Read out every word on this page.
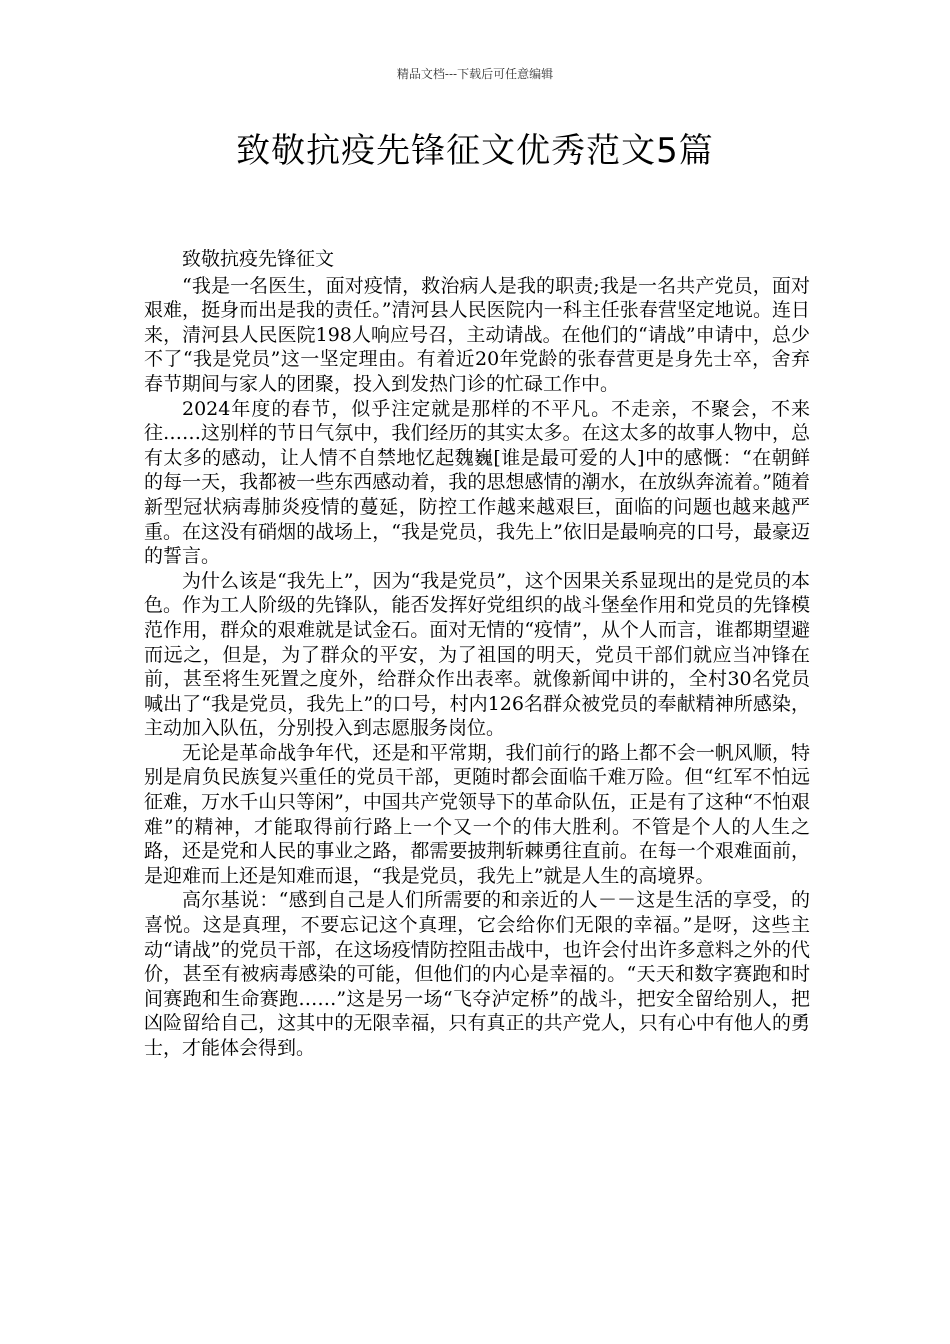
精品文档---下载后可任意编辑
致敬抗疫先锋征文优秀范文5篇
致敬抗疫先锋征文

“我是一名医生，面对疫情，救治病人是我的职责;我是一名共产党员，面对艰难，挺身而出是我的责任。”清河县人民医院内一科主任张春营坚定地说。连日来，清河县人民医院198人响应号召，主动请战。在他们的“请战”申请中，总少不了“我是党员”这一坚定理由。有着近20年党龄的张春营更是身先士卒，舍弃春节期间与家人的团聚，投入到发热门诊的忙碌工作中。

2024年度的春节，似乎注定就是那样的不平凡。不走亲，不聚会，不来往……这别样的节日气氛中，我们经历的其实太多。在这太多的故事人物中，总有太多的感动，让人情不自禁地忆起魏巍[谁是最可爱的人]中的感慨：“在朝鲜的每一天，我都被一些东西感动着，我的思想感情的潮水，在放纵奔流着。”随着新型冠状病毒肺炎疫情的蔓延，防控工作越来越艰巨，面临的问题也越来越严重。在这没有硝烟的战场上，“我是党员，我先上”依旧是最响亮的口号，最豪迈的誓言。

为什么该是“我先上”，因为“我是党员”，这个因果关系显现出的是党员的本色。作为工人阶级的先锋队，能否发挥好党组织的战斗堡垒作用和党员的先锋模范作用，群众的艰难就是试金石。面对无情的“疫情”，从个人而言，谁都期望避而远之，但是，为了群众的平安，为了祖国的明天，党员干部们就应当冲锋在前，甚至将生死置之度外，给群众作出表率。就像新闻中讲的，全村30名党员喊出了“我是党员，我先上”的口号，村内126名群众被党员的奉献精神所感染，主动加入队伍，分别投入到志愿服务岗位。

无论是革命战争年代，还是和平常期，我们前行的路上都不会一帆风顺，特别是肩负民族复兴重任的党员干部，更随时都会面临千难万险。但“红军不怕远征难，万水千山只等闲”，中国共产党领导下的革命队伍，正是有了这种“不怕艰难”的精神，才能取得前行路上一个又一个的伟大胜利。不管是个人的人生之路，还是党和人民的事业之路，都需要披荆斩棘勇往直前。在每一个艰难面前，是迎难而上还是知难而退，“我是党员，我先上”就是人生的高境界。

高尔基说：“感到自己是人们所需要的和亲近的人－－这是生活的享受，的喜悦。这是真理，不要忘记这个真理，它会给你们无限的幸福。”是呀，这些主动“请战”的党员干部，在这场疫情防控阻击战中，也许会付出许多意料之外的代价，甚至有被病毒感染的可能，但他们的内心是幸福的。“天天和数字赛跑和时间赛跑和生命赛跑……”这是另一场“飞夺泸定桥”的战斗，把安全留给别人，把凶险留给自己，这其中的无限幸福，只有真正的共产党人，只有心中有他人的勇士，才能体会得到。
